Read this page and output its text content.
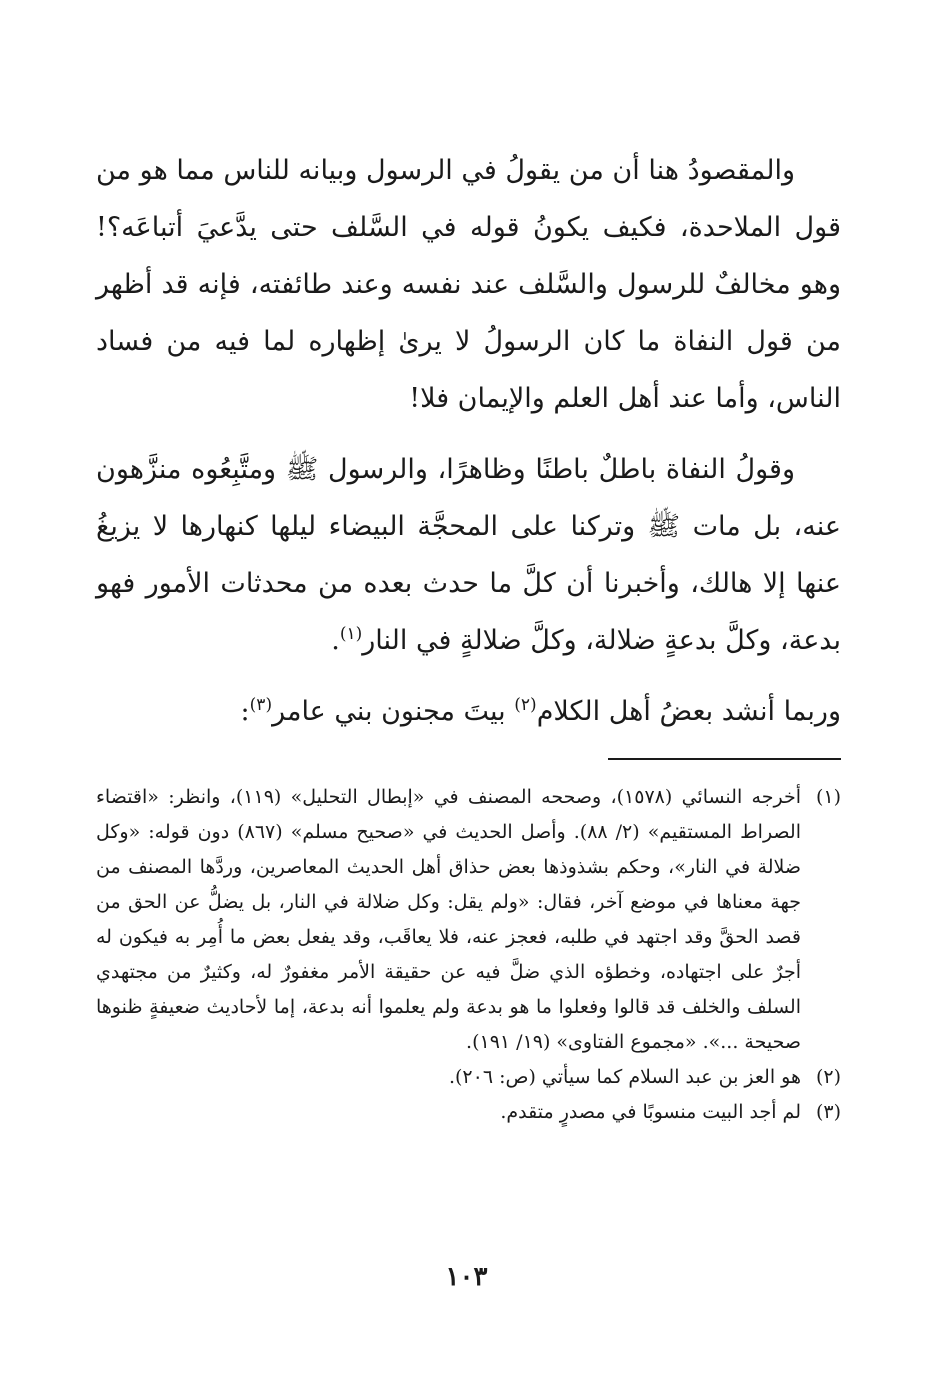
والمقصودُ هنا أن من يقولُ في الرسول وبيانه للناس مما هو من قول الملاحدة، فكيف يكونُ قوله في السَّلف حتى يدَّعيَ أتباعَه؟! وهو مخالفٌ للرسول والسَّلف عند نفسه وعند طائفته، فإنه قد أظهر من قول النفاة ما كان الرسولُ لا يرىٰ إظهاره لما فيه من فساد الناس، وأما عند أهل العلم والإيمان فلا!

وقولُ النفاة باطلٌ باطنًا وظاهرًا، والرسول ﷺ ومتَّبِعُوه منزَّهون عنه، بل مات ﷺ وتركنا على المحجَّة البيضاء ليلها كنهارها لا يزيغُ عنها إلا هالك، وأخبرنا أن كلَّ ما حدث بعده من محدثات الأمور فهو بدعة، وكلَّ بدعةٍ ضلالة، وكلَّ ضلالةٍ في النار$^{(١)}$.

وربما أنشد بعضُ أهل الكلام$^{(٢)}$ بيتَ مجنون بني عامر$^{(٣)}$:

(١)
أخرجه النسائي (١٥٧٨)، وصححه المصنف في «إبطال التحليل» (١١٩)، وانظر: «اقتضاء الصراط المستقيم» (٢/ ٨٨). وأصل الحديث في «صحيح مسلم» (٨٦٧) دون قوله: «وكل ضلالة في النار»، وحكم بشذوذها بعض حذاق أهل الحديث المعاصرين، وردَّها المصنف من جهة معناها في موضع آخر، فقال: «ولم يقل: وكل ضلالة في النار، بل يضلُّ عن الحق من قصد الحقَّ وقد اجتهد في طلبه، فعجز عنه، فلا يعاقَب، وقد يفعل بعض ما أُمِر به فيكون له أجرٌ على اجتهاده، وخطؤه الذي ضلَّ فيه عن حقيقة الأمر مغفورٌ له، وكثيرٌ من مجتهدي السلف والخلف قد قالوا وفعلوا ما هو بدعة ولم يعلموا أنه بدعة، إما لأحاديث ضعيفةٍ ظنوها صحيحة ...». «مجموع الفتاوى» (١٩/ ١٩١).
(٢)
هو العز بن عبد السلام كما سيأتي (ص: ٢٠٦).
(٣)
لم أجد البيت منسوبًا في مصدرٍ متقدم.
١٠٣
